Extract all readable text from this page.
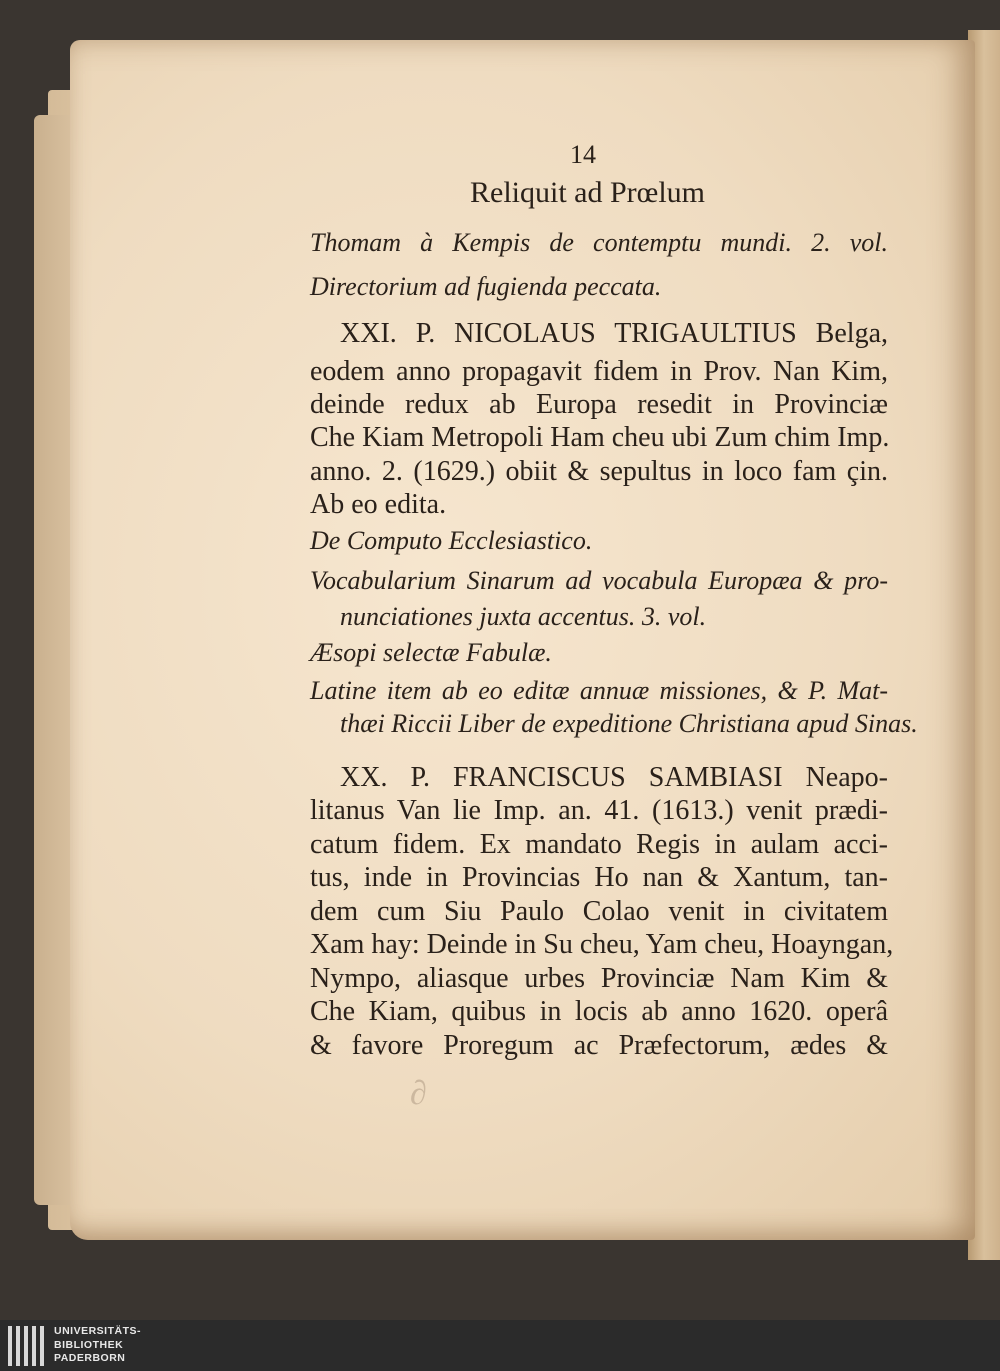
∂
14
Reliquit ad Prœlum
Thomam à Kempis de contemptu mundi. 2. vol.
Directorium ad fugienda peccata.
XXI. P. NICOLAUS TRIGAULTIUS Belga,
eodem anno propagavit fidem in Prov. Nan Kim,
deinde redux ab Europa resedit in Provinciæ
Che Kiam Metropoli Ham cheu ubi Zum chim Imp.
anno. 2. (1629.) obiit & sepultus in loco fam çin.
Ab eo edita.
De Computo Ecclesiastico.
Vocabularium Sinarum ad vocabula Europæa & pro-
nunciationes juxta accentus. 3. vol.
Æsopi selectæ Fabulæ.
Latine item ab eo editæ annuæ missiones, & P. Mat-
thæi Riccii Liber de expeditione Christiana apud Sinas.
XX. P. FRANCISCUS SAMBIASI Neapo-
litanus Van lie Imp. an. 41. (1613.) venit prædi-
catum fidem. Ex mandato Regis in aulam acci-
tus, inde in Provincias Ho nan & Xantum, tan-
dem cum Siu Paulo Colao venit in civitatem
Xam hay: Deinde in Su cheu, Yam cheu, Hoayngan,
Nympo, aliasque urbes Provinciæ Nam Kim &
Che Kiam, quibus in locis ab anno 1620. operâ
& favore Proregum ac Præfectorum, ædes &
UNIVERSITÄTS-
BIBLIOTHEK
PADERBORN
